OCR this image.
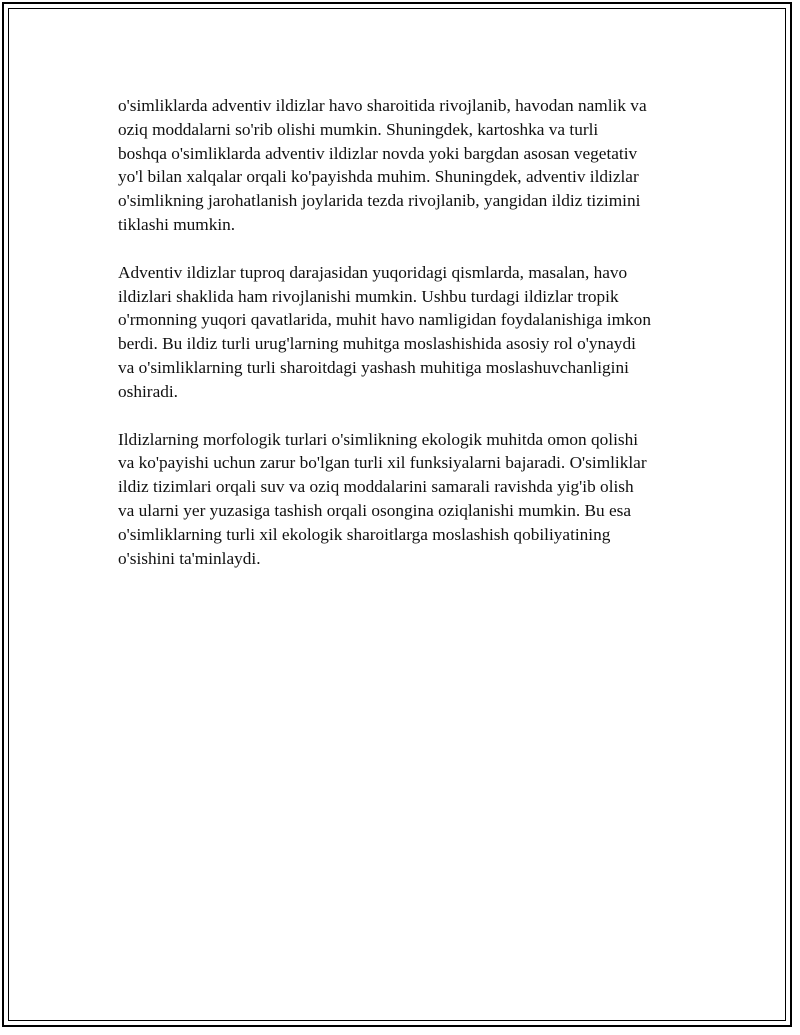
o'simliklarda adventiv ildizlar havo sharoitida rivojlanib, havodan namlik va
oziq moddalarni so'rib olishi mumkin. Shuningdek, kartoshka va turli
boshqa o'simliklarda adventiv ildizlar novda yoki bargdan asosan vegetativ
yo'l bilan xalqalar orqali ko'payishda muhim. Shuningdek, adventiv ildizlar
o'simlikning jarohatlanish joylarida tezda rivojlanib, yangidan ildiz tizimini
tiklashi mumkin.

Adventiv ildizlar tuproq darajasidan yuqoridagi qismlarda, masalan, havo
ildizlari shaklida ham rivojlanishi mumkin. Ushbu turdagi ildizlar tropik
o'rmonning yuqori qavatlarida, muhit havo namligidan foydalanishiga imkon
berdi. Bu ildiz turli urug'larning muhitga moslashishida asosiy rol o'ynaydi
va o'simliklarning turli sharoitdagi yashash muhitiga moslashuvchanligini
oshiradi.

Ildizlarning morfologik turlari o'simlikning ekologik muhitda omon qolishi
va ko'payishi uchun zarur bo'lgan turli xil funksiyalarni bajaradi. O'simliklar
ildiz tizimlari orqali suv va oziq moddalarini samarali ravishda yig'ib olish
va ularni yer yuzasiga tashish orqali osongina oziqlanishi mumkin. Bu esa
o'simliklarning turli xil ekologik sharoitlarga moslashish qobiliyatining
o'sishini ta'minlaydi.
